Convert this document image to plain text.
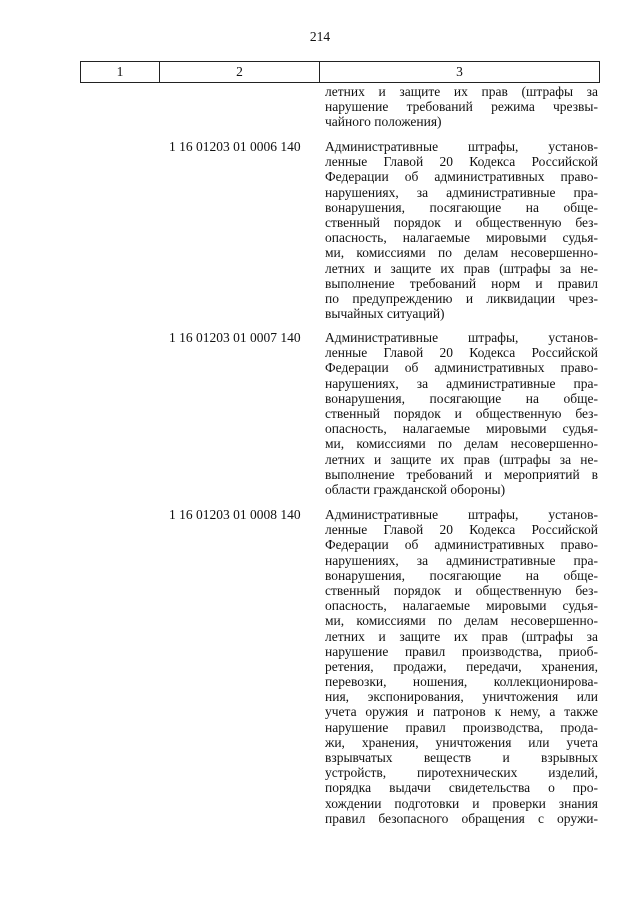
214
1	2	3
летних и защите их прав (штрафы за
нарушение требований режима чрезвы-
чайного положения)
1 16 01203 01 0006 140 Административные штрафы, установ-
ленные Главой 20 Кодекса Российской
Федерации об административных право-
нарушениях, за административные пра-
вонарушения, посягающие на обще-
ственный порядок и общественную без-
опасность, налагаемые мировыми судья-
ми, комиссиями по делам несовершенно-
летних и защите их прав (штрафы за не-
выполнение требований норм и правил
по предупреждению и ликвидации чрез-
вычайных ситуаций)
1 16 01203 01 0007 140 Административные штрафы, установ-
ленные Главой 20 Кодекса Российской
Федерации об административных право-
нарушениях, за административные пра-
вонарушения, посягающие на обще-
ственный порядок и общественную без-
опасность, налагаемые мировыми судья-
ми, комиссиями по делам несовершенно-
летних и защите их прав (штрафы за не-
выполнение требований и мероприятий в
области гражданской обороны)
1 16 01203 01 0008 140 Административные штрафы, установ-
ленные Главой 20 Кодекса Российской
Федерации об административных право-
нарушениях, за административные пра-
вонарушения, посягающие на обще-
ственный порядок и общественную без-
опасность, налагаемые мировыми судья-
ми, комиссиями по делам несовершенно-
летних и защите их прав (штрафы за
нарушение правил производства, приоб-
ретения, продажи, передачи, хранения,
перевозки, ношения, коллекционирова-
ния, экспонирования, уничтожения или
учета оружия и патронов к нему, а также
нарушение правил производства, прода-
жи, хранения, уничтожения или учета
взрывчатых веществ и взрывных
устройств, пиротехнических изделий,
порядка выдачи свидетельства о про-
хождении подготовки и проверки знания
правил безопасного обращения с оружи-
